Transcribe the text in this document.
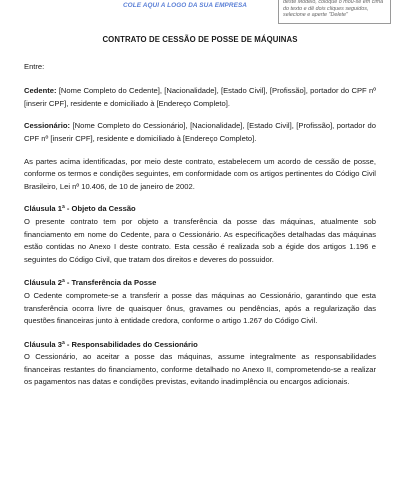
COLE AQUI A LOGO DA SUA EMPRESA	deste Modelo, coloque o mou-se em cima do texto e dê dois cliques seguidos, selecione e aperte "Delete"
CONTRATO DE CESSÃO DE POSSE DE MÁQUINAS
Entre:
Cedente: [Nome Completo do Cedente], [Nacionalidade], [Estado Civil], [Profissão], portador do CPF nº [inserir CPF], residente e domiciliado à [Endereço Completo].
Cessionário: [Nome Completo do Cessionário], [Nacionalidade], [Estado Civil], [Profissão], portador do CPF nº [inserir CPF], residente e domiciliado à [Endereço Completo].
As partes acima identificadas, por meio deste contrato, estabelecem um acordo de cessão de posse, conforme os termos e condições seguintes, em conformidade com os artigos pertinentes do Código Civil Brasileiro, Lei nº 10.406, de 10 de janeiro de 2002.
Cláusula 1ª - Objeto da Cessão
O presente contrato tem por objeto a transferência da posse das máquinas, atualmente sob financiamento em nome do Cedente, para o Cessionário. As especificações detalhadas das máquinas estão contidas no Anexo I deste contrato. Esta cessão é realizada sob a égide dos artigos 1.196 e seguintes do Código Civil, que tratam dos direitos e deveres do possuidor.
Cláusula 2ª - Transferência da Posse
O Cedente compromete-se a transferir a posse das máquinas ao Cessionário, garantindo que esta transferência ocorra livre de quaisquer ônus, gravames ou pendências, após a regularização das questões financeiras junto à entidade credora, conforme o artigo 1.267 do Código Civil.
Cláusula 3ª - Responsabilidades do Cessionário
O Cessionário, ao aceitar a posse das máquinas, assume integralmente as responsabilidades financeiras restantes do financiamento, conforme detalhado no Anexo II, comprometendo-se a realizar os pagamentos nas datas e condições previstas, evitando inadimplência ou encargos adicionais.
